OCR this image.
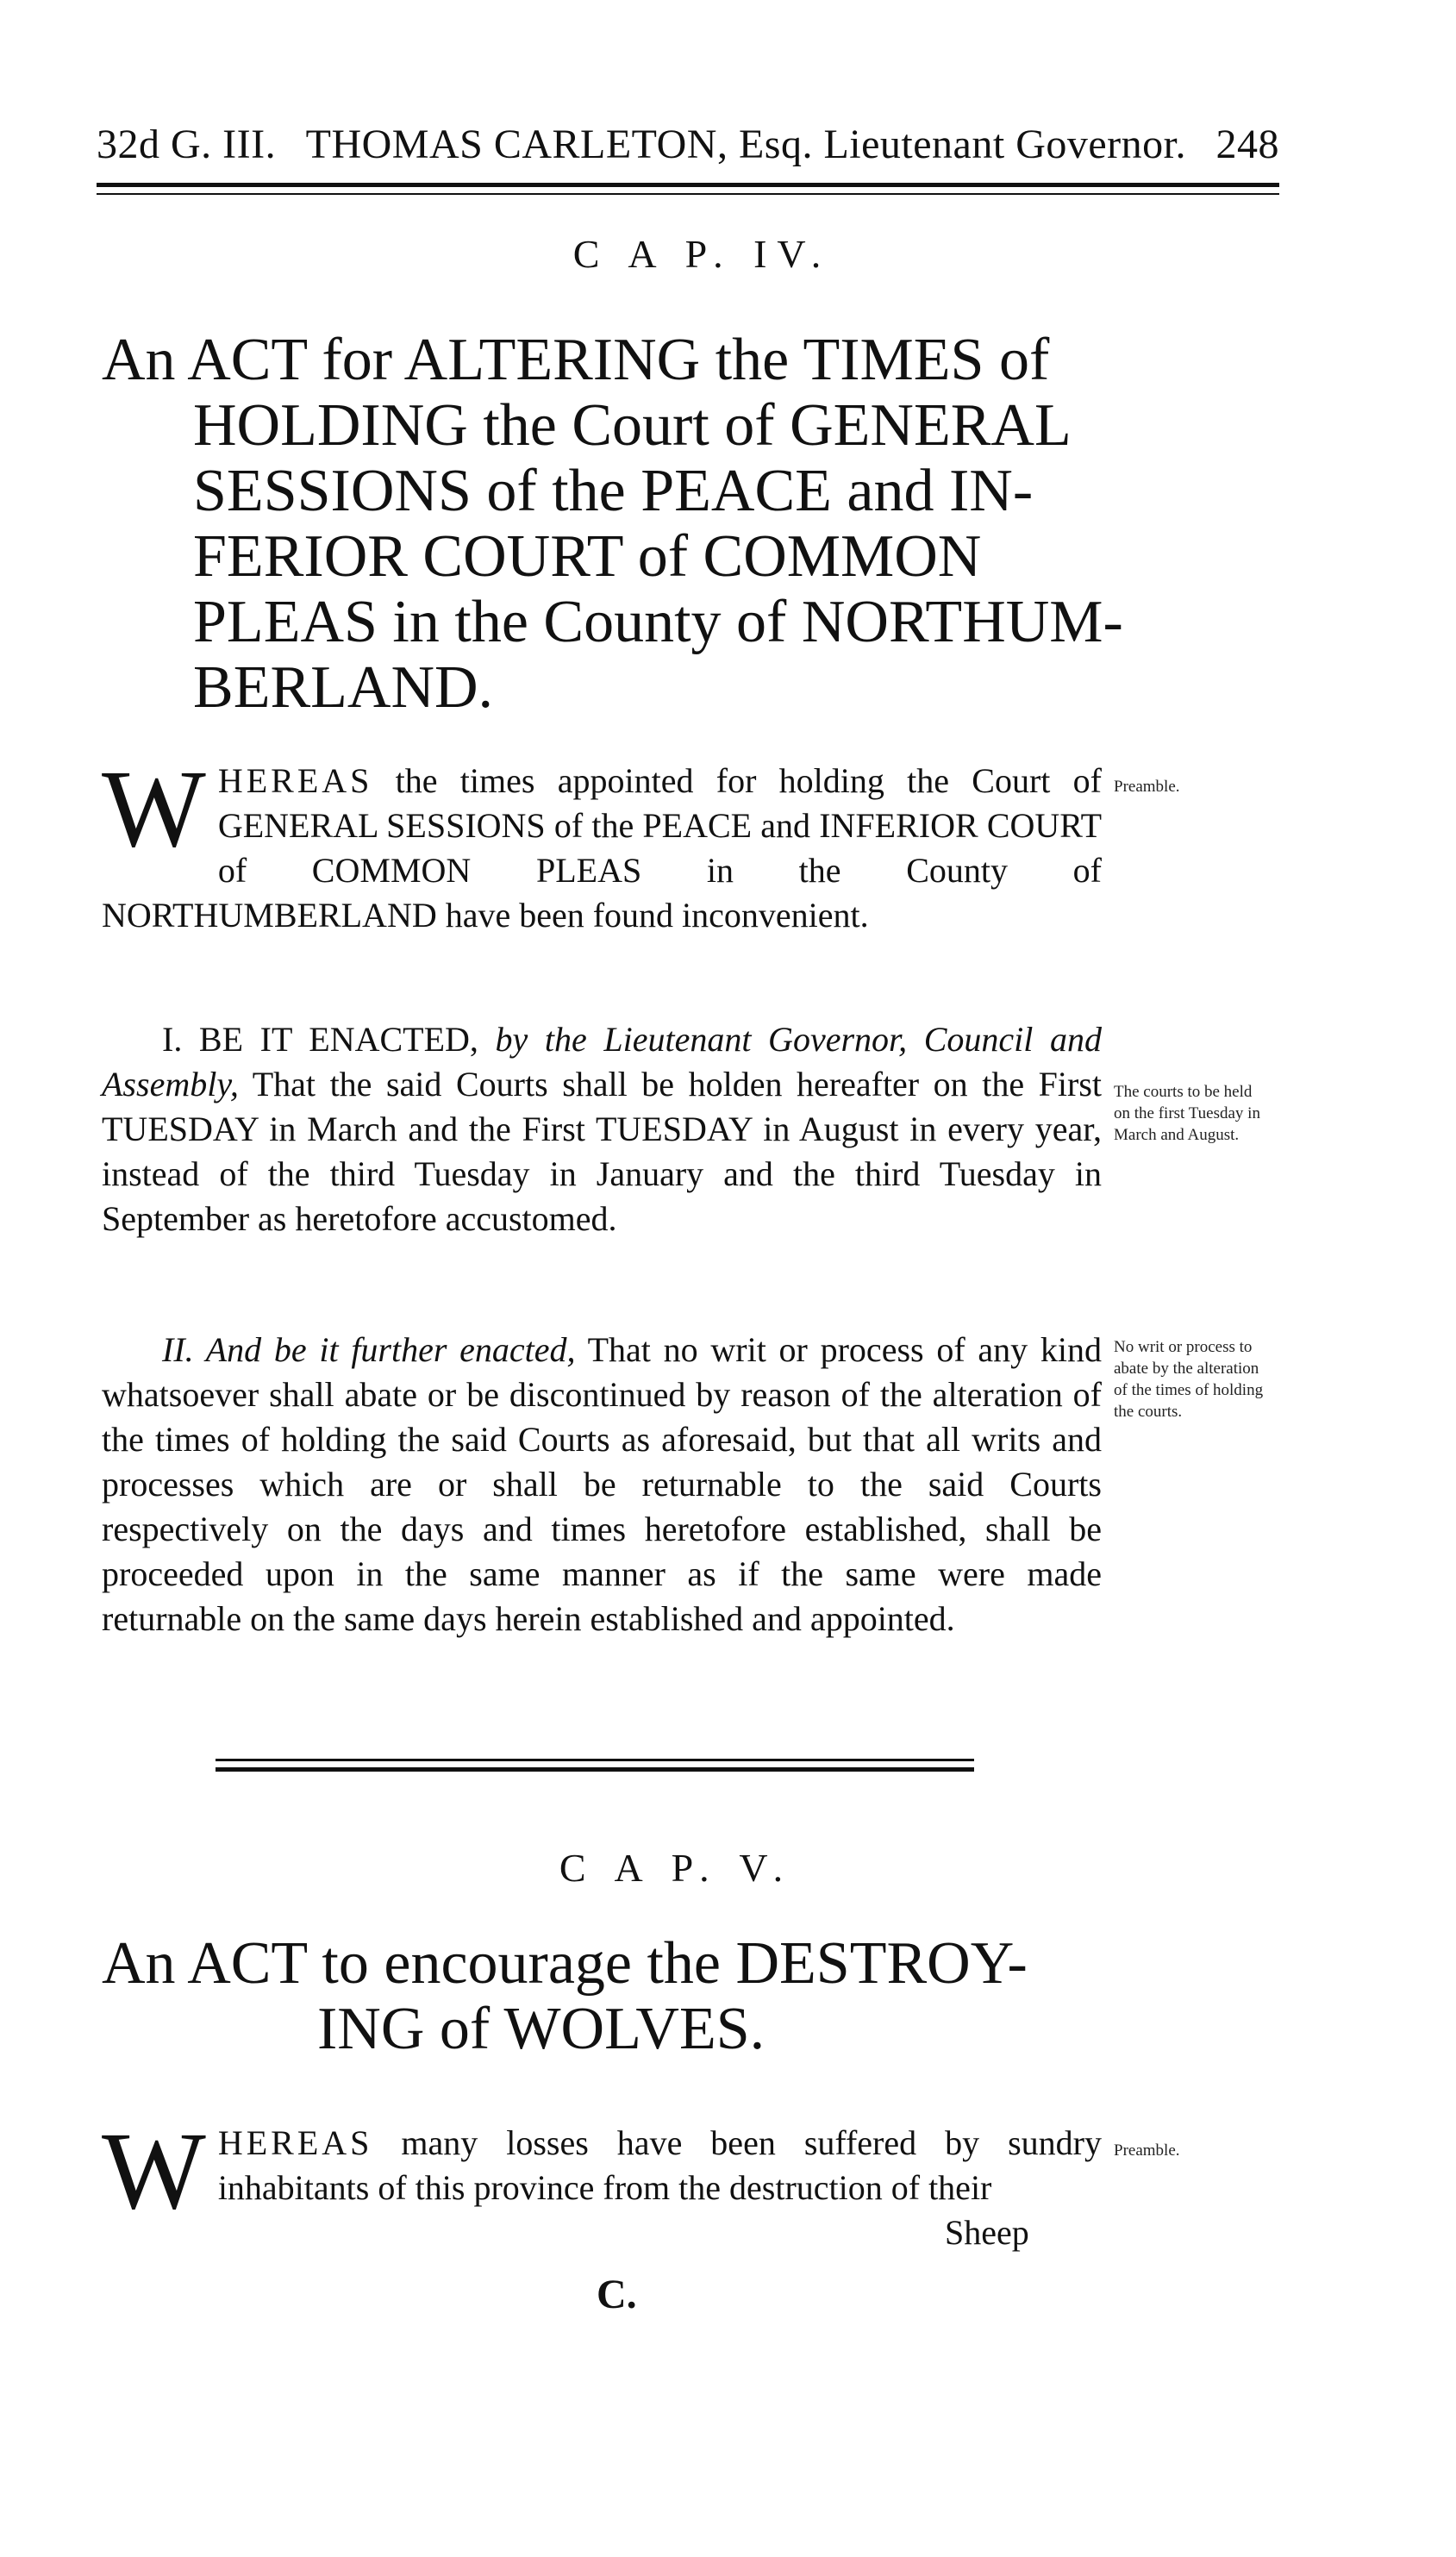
32d G. III. THOMAS CARLETON, Esq. Lieutenant Governor. 248
C A P. IV.
An ACT for ALTERING the TIMES of
HOLDING the Court of GENERAL
SESSIONS of the PEACE and IN-
FERIOR COURT of COMMON
PLEAS in the County of NORTHUM-
BERLAND.

W HEREAS the times appointed for holding the Court of GENERAL SESSIONS of the PEACE and INFERIOR COURT of COMMON PLEAS in the County of NORTHUMBERLAND have been found inconvenient.

Preamble.

I. BE IT ENACTED, by the Lieutenant Governor, Council and Assembly, That the said Courts shall be holden hereafter on the First TUESDAY in March and the First TUESDAY in August in every year, instead of the third Tuesday in January and the third Tuesday in September as heretofore accustomed.

The courts to be held on the first Tuesday in March and August.

II. And be it further enacted, That no writ or process of any kind whatsoever shall abate or be discontinued by reason of the alteration of the times of holding the said Courts as aforesaid, but that all writs and processes which are or shall be returnable to the said Courts respectively on the days and times heretofore established, shall be proceeded upon in the same manner as if the same were made returnable on the same days herein established and appointed.

No writ or process to abate by the alteration of the times of holding the courts.
C A P. V.
An ACT to encourage the DESTROY-
ING of WOLVES.

W HEREAS many losses have been suffered by sundry inhabitants of this province from the destruction of their

Preamble.
Sheep
C.
